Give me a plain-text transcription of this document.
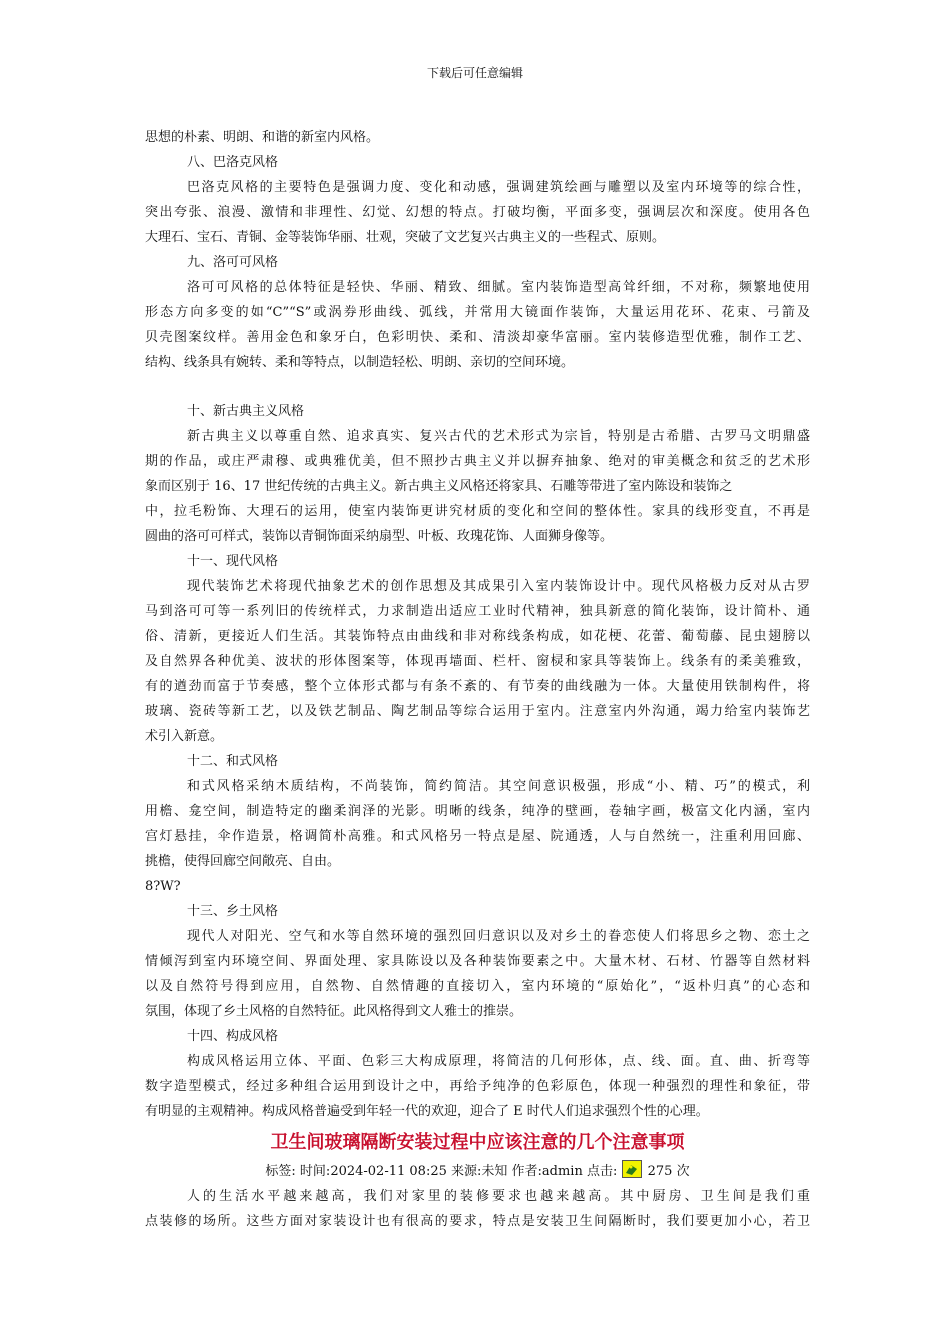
下载后可任意编辑
思想的朴素、明朗、和谐的新室内风格。
八、巴洛克风格
巴洛克风格的主要特色是强调力度、变化和动感，强调建筑绘画与雕塑以及室内环境等的综合性，
突出夸张、浪漫、激情和非理性、幻觉、幻想的特点。打破均衡，平面多变，强调层次和深度。使用各色
大理石、宝石、青铜、金等装饰华丽、壮观，突破了文艺复兴古典主义的一些程式、原则。
九、洛可可风格
洛可可风格的总体特征是轻快、华丽、精致、细腻。室内装饰造型高耸纤细，不对称，频繁地使用
形态方向多变的如“C”“S”或涡券形曲线、弧线，并常用大镜面作装饰，大量运用花环、花束、弓箭及
贝壳图案纹样。善用金色和象牙白，色彩明快、柔和、清淡却豪华富丽。室内装修造型优雅，制作工艺、
结构、线条具有婉转、柔和等特点，以制造轻松、明朗、亲切的空间环境。
十、新古典主义风格
新古典主义以尊重自然、追求真实、复兴古代的艺术形式为宗旨，特别是古希腊、古罗马文明鼎盛
期的作品，或庄严肃穆、或典雅优美，但不照抄古典主义并以摒弃抽象、绝对的审美概念和贫乏的艺术形
象而区别于 16、17 世纪传统的古典主义。新古典主义风格还将家具、石雕等带进了室内陈设和装饰之
中，拉毛粉饰、大理石的运用，使室内装饰更讲究材质的变化和空间的整体性。家具的线形变直，不再是
圆曲的洛可可样式，装饰以青铜饰面采纳扇型、叶板、玫瑰花饰、人面狮身像等。
十一、现代风格
现代装饰艺术将现代抽象艺术的创作思想及其成果引入室内装饰设计中。现代风格极力反对从古罗
马到洛可可等一系列旧的传统样式，力求制造出适应工业时代精神，独具新意的简化装饰，设计简朴、通
俗、清新，更接近人们生活。其装饰特点由曲线和非对称线条构成，如花梗、花蕾、葡萄藤、昆虫翅膀以
及自然界各种优美、波状的形体图案等，体现再墙面、栏杆、窗棂和家具等装饰上。线条有的柔美雅致，
有的遒劲而富于节奏感，整个立体形式都与有条不紊的、有节奏的曲线融为一体。大量使用铁制构件，将
玻璃、瓷砖等新工艺，以及铁艺制品、陶艺制品等综合运用于室内。注意室内外沟通，竭力给室内装饰艺
术引入新意。
十二、和式风格
和式风格采纳木质结构，不尚装饰，简约简洁。其空间意识极强，形成“小、精、巧”的模式，利
用檐、龛空间，制造特定的幽柔润泽的光影。明晰的线条，纯净的壁画，卷轴字画，极富文化内涵，室内
宫灯悬挂，伞作造景，格调简朴高雅。和式风格另一特点是屋、院通透，人与自然统一，注重利用回廊、
挑檐，使得回廊空间敞亮、自由。
8?W?
十三、乡土风格
现代人对阳光、空气和水等自然环境的强烈回归意识以及对乡土的眷恋使人们将思乡之物、恋土之
情倾泻到室内环境空间、界面处理、家具陈设以及各种装饰要素之中。大量木材、石材、竹器等自然材料
以及自然符号得到应用，自然物、自然情趣的直接切入，室内环境的“原始化”，“返朴归真”的心态和
氛围，体现了乡土风格的自然特征。此风格得到文人雅士的推崇。
十四、构成风格
构成风格运用立体、平面、色彩三大构成原理，将简洁的几何形体，点、线、面。直、曲、折弯等
数字造型模式，经过多种组合运用到设计之中，再给予纯净的色彩原色，体现一种强烈的理性和象征，带
有明显的主观精神。构成风格普遍受到年轻一代的欢迎，迎合了 E 时代人们追求强烈个性的心理。
卫生间玻璃隔断安装过程中应该注意的几个注意事项
标签: 时间:2024-02-11 08:25 来源:未知 作者:admin 点击: 275 次
人的生活水平越来越高，我们对家里的装修要求也越来越高。其中厨房、卫生间是我们重
点装修的场所。这些方面对家装设计也有很高的要求，特点是安装卫生间隔断时，我们要更加小心，若卫
